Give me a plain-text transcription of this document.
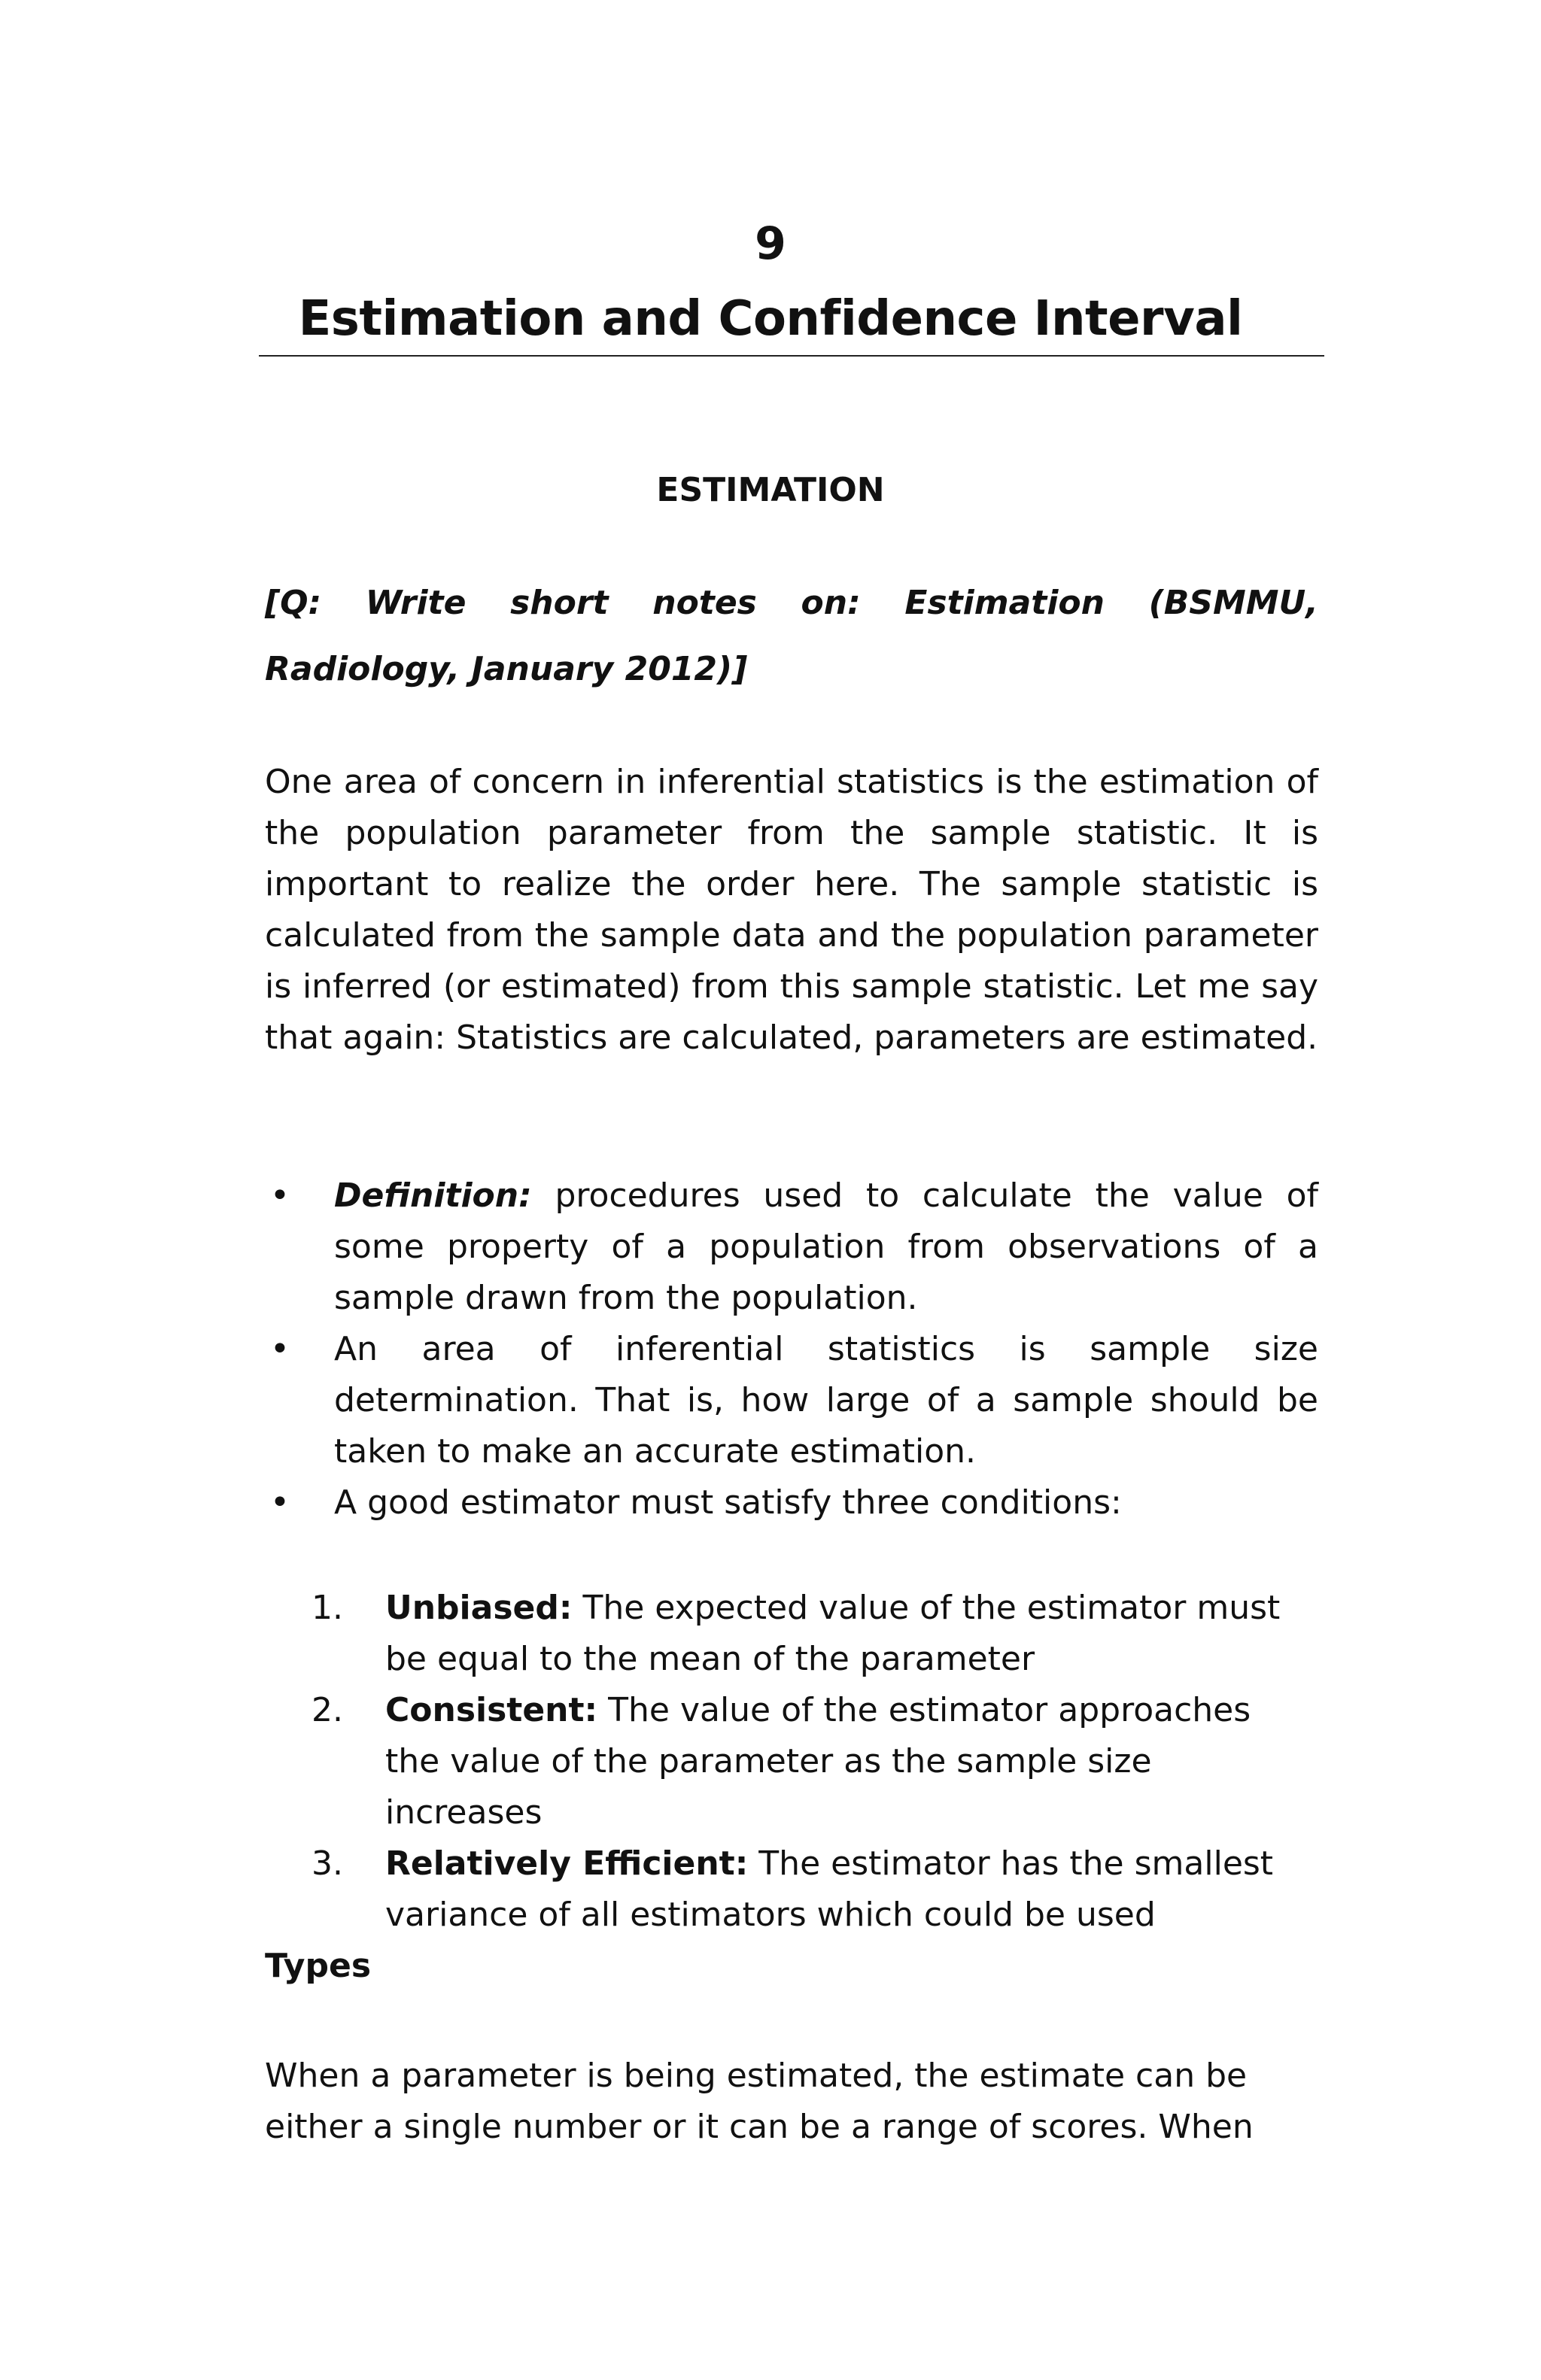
9
Estimation and Confidence Interval
ESTIMATION
[Q: Write short notes on: Estimation (BSMMU, Radiology, January 2012)]
One area of concern in inferential statistics is the estimation of the population parameter from the sample statistic. It is important to realize the order here. The sample statistic is calculated from the sample data and the population parameter is inferred (or estimated) from this sample statistic. Let me say that again: Statistics are calculated, parameters are estimated.
• Definition: procedures used to calculate the value of some property of a population from observations of a sample drawn from the population.
• An area of inferential statistics is sample size determination. That is, how large of a sample should be taken to make an accurate estimation.
• A good estimator must satisfy three conditions:
1. Unbiased: The expected value of the estimator must be equal to the mean of the parameter
2. Consistent: The value of the estimator approaches the value of the parameter as the sample size increases
3. Relatively Efficient: The estimator has the smallest variance of all estimators which could be used
Types
When a parameter is being estimated, the estimate can be either a single number or it can be a range of scores. When
